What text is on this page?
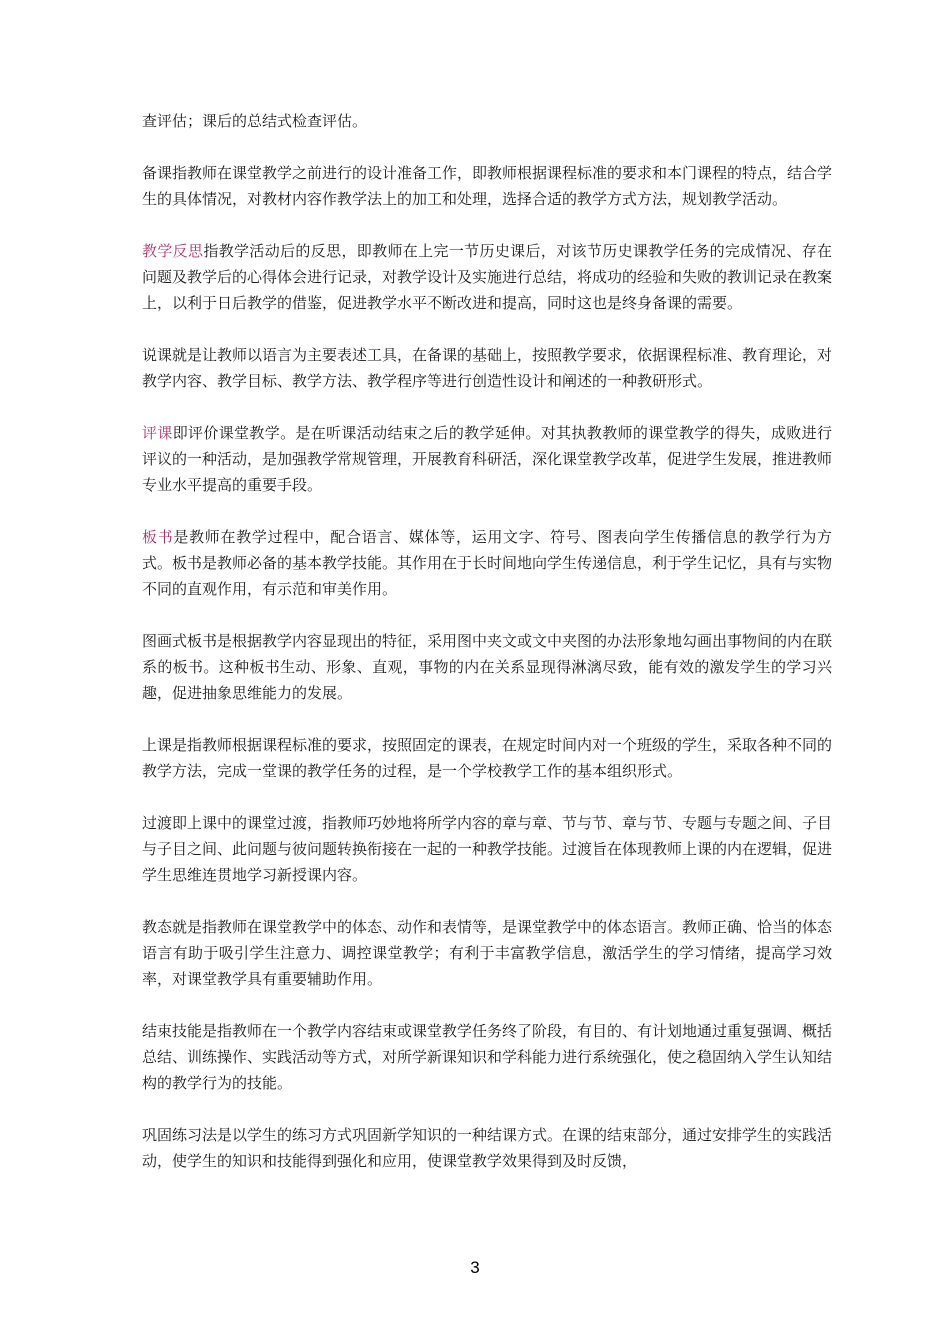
查评估；课后的总结式检查评估。

备课指教师在课堂教学之前进行的设计准备工作，即教师根据课程标准的要求和本门课程的特点，结合学生的具体情况，对教材内容作教学法上的加工和处理，选择合适的教学方式方法，规划教学活动。

教学反思指教学活动后的反思，即教师在上完一节历史课后，对该节历史课教学任务的完成情况、存在问题及教学后的心得体会进行记录，对教学设计及实施进行总结，将成功的经验和失败的教训记录在教案上，以利于日后教学的借鉴，促进教学水平不断改进和提高，同时这也是终身备课的需要。

说课就是让教师以语言为主要表述工具，在备课的基础上，按照教学要求，依据课程标准、教育理论，对教学内容、教学目标、教学方法、教学程序等进行创造性设计和阐述的一种教研形式。

评课即评价课堂教学。是在听课活动结束之后的教学延伸。对其执教教师的课堂教学的得失，成败进行评议的一种活动，是加强教学常规管理，开展教育科研活，深化课堂教学改革，促进学生发展，推进教师专业水平提高的重要手段。

板书是教师在教学过程中，配合语言、媒体等，运用文字、符号、图表向学生传播信息的教学行为方式。板书是教师必备的基本教学技能。其作用在于长时间地向学生传递信息，利于学生记忆，具有与实物不同的直观作用，有示范和审美作用。

图画式板书是根据教学内容显现出的特征，采用图中夹文或文中夹图的办法形象地勾画出事物间的内在联系的板书。这种板书生动、形象、直观，事物的内在关系显现得淋漓尽致，能有效的激发学生的学习兴趣，促进抽象思维能力的发展。

上课是指教师根据课程标准的要求，按照固定的课表，在规定时间内对一个班级的学生，采取各种不同的教学方法，完成一堂课的教学任务的过程，是一个学校教学工作的基本组织形式。

过渡即上课中的课堂过渡，指教师巧妙地将所学内容的章与章、节与节、章与节、专题与专题之间、子目与子目之间、此问题与彼问题转换衔接在一起的一种教学技能。过渡旨在体现教师上课的内在逻辑，促进学生思维连贯地学习新授课内容。

教态就是指教师在课堂教学中的体态、动作和表情等，是课堂教学中的体态语言。教师正确、恰当的体态语言有助于吸引学生注意力、调控课堂教学；有利于丰富教学信息，激活学生的学习情绪，提高学习效率，对课堂教学具有重要辅助作用。

结束技能是指教师在一个教学内容结束或课堂教学任务终了阶段，有目的、有计划地通过重复强调、概括总结、训练操作、实践活动等方式，对所学新课知识和学科能力进行系统强化，使之稳固纳入学生认知结构的教学行为的技能。

巩固练习法是以学生的练习方式巩固新学知识的一种结课方式。在课的结束部分，通过安排学生的实践活动，使学生的知识和技能得到强化和应用，使课堂教学效果得到及时反馈，

3
